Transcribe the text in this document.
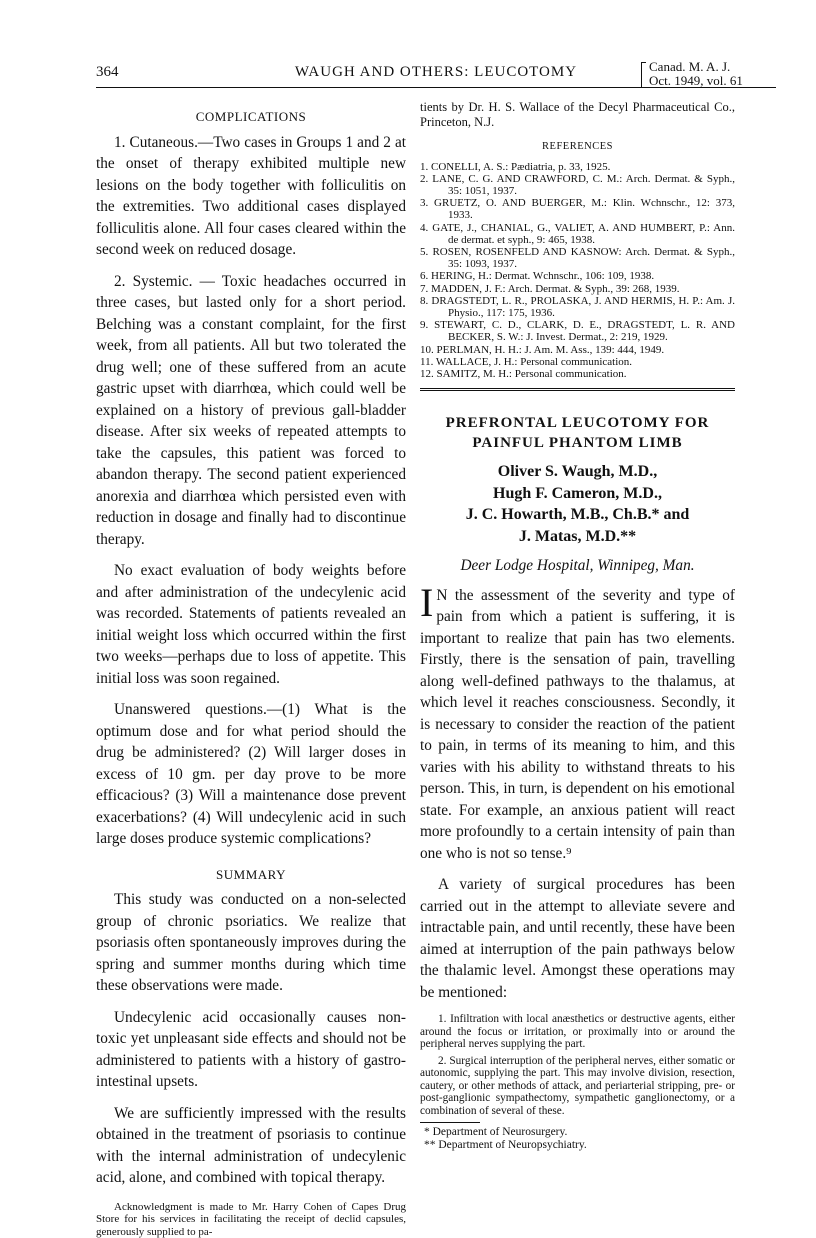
364	WAUGH AND OTHERS: LEUCOTOMY	Canad. M. A. J.
Oct. 1949, vol. 61

COMPLICATIONS

1. Cutaneous.—Two cases in Groups 1 and 2 at the onset of therapy exhibited multiple new lesions on the body together with folliculitis on the extremities. Two additional cases displayed folliculitis alone. All four cases cleared within the second week on reduced dosage.

2. Systemic. — Toxic headaches occurred in three cases, but lasted only for a short period. Belching was a constant complaint, for the first week, from all patients. All but two tolerated the drug well; one of these suffered from an acute gastric upset with diarrhœa, which could well be explained on a history of previous gall-bladder disease. After six weeks of repeated attempts to take the capsules, this patient was forced to abandon therapy. The second patient experienced anorexia and diarrhœa which persisted even with reduction in dosage and finally had to discontinue therapy.

No exact evaluation of body weights before and after administration of the undecylenic acid was recorded. Statements of patients revealed an initial weight loss which occurred within the first two weeks—perhaps due to loss of appetite. This initial loss was soon regained.

Unanswered questions.—(1) What is the optimum dose and for what period should the drug be administered? (2) Will larger doses in excess of 10 gm. per day prove to be more efficacious? (3) Will a maintenance dose prevent exacerbations? (4) Will undecylenic acid in such large doses produce systemic complications?

SUMMARY

This study was conducted on a non-selected group of chronic psoriatics. We realize that psoriasis often spontaneously improves during the spring and summer months during which time these observations were made.

Undecylenic acid occasionally causes non-toxic yet unpleasant side effects and should not be administered to patients with a history of gastro-intestinal upsets.

We are sufficiently impressed with the results obtained in the treatment of psoriasis to continue with the internal administration of undecylenic acid, alone, and combined with topical therapy.

Acknowledgment is made to Mr. Harry Cohen of Capes Drug Store for his services in facilitating the receipt of declid capsules, generously supplied to pa-

tients by Dr. H. S. Wallace of the Decyl Pharmaceutical Co., Princeton, N.J.

REFERENCES

1. CONELLI, A. S.: Pædiatria, p. 33, 1925.
2. LANE, C. G. AND CRAWFORD, C. M.: Arch. Dermat. & Syph., 35: 1051, 1937.
3. GRUETZ, O. AND BUERGER, M.: Klin. Wchnschr., 12: 373, 1933.
4. GATE, J., CHANIAL, G., VALIET, A. AND HUMBERT, P.: Ann. de dermat. et syph., 9: 465, 1938.
5. ROSEN, ROSENFELD AND KASNOW: Arch. Dermat. & Syph., 35: 1093, 1937.
6. HERING, H.: Dermat. Wchnschr., 106: 109, 1938.
7. MADDEN, J. F.: Arch. Dermat. & Syph., 39: 268, 1939.
8. DRAGSTEDT, L. R., PROLASKA, J. AND HERMIS, H. P.: Am. J. Physio., 117: 175, 1936.
9. STEWART, C. D., CLARK, D. E., DRAGSTEDT, L. R. AND BECKER, S. W.: J. Invest. Dermat., 2: 219, 1929.
10. PERLMAN, H. H.: J. Am. M. Ass., 139: 444, 1949.
11. WALLACE, J. H.: Personal communication.
12. SAMITZ, M. H.: Personal communication.
PREFRONTAL LEUCOTOMY FOR
PAINFUL PHANTOM LIMB
Oliver S. Waugh, M.D.,
Hugh F. Cameron, M.D.,
J. C. Howarth, M.B., Ch.B.* and
J. Matas, M.D.**

Deer Lodge Hospital, Winnipeg, Man.

I N the assessment of the severity and type of pain from which a patient is suffering, it is important to realize that pain has two elements. Firstly, there is the sensation of pain, travelling along well-defined pathways to the thalamus, at which level it reaches consciousness. Secondly, it is necessary to consider the reaction of the patient to pain, in terms of its meaning to him, and this varies with his ability to withstand threats to his person. This, in turn, is dependent on his emotional state. For example, an anxious patient will react more profoundly to a certain intensity of pain than one who is not so tense.⁹

A variety of surgical procedures has been carried out in the attempt to alleviate severe and intractable pain, and until recently, these have been aimed at interruption of the pain pathways below the thalamic level. Amongst these operations may be mentioned:

1. Infiltration with local anæsthetics or destructive agents, either around the focus or irritation, or proximally into or around the peripheral nerves supplying the part.

2. Surgical interruption of the peripheral nerves, either somatic or autonomic, supplying the part. This may involve division, resection, cautery, or other methods of attack, and periarterial stripping, pre- or post-ganglionic sympathectomy, sympathetic ganglionectomy, or a combination of several of these.

* Department of Neurosurgery.
** Department of Neuropsychiatry.
